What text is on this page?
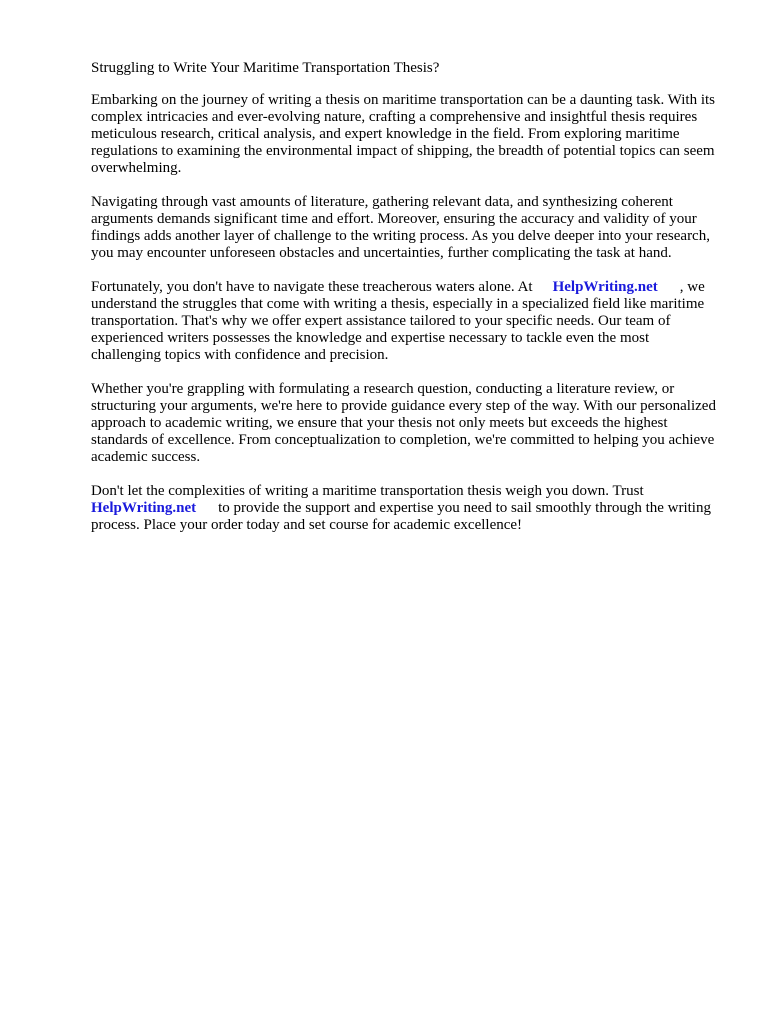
Struggling to Write Your Maritime Transportation Thesis?

Embarking on the journey of writing a thesis on maritime transportation can be a daunting task. With its complex intricacies and ever-evolving nature, crafting a comprehensive and insightful thesis requires meticulous research, critical analysis, and expert knowledge in the field. From exploring maritime regulations to examining the environmental impact of shipping, the breadth of potential topics can seem overwhelming.

Navigating through vast amounts of literature, gathering relevant data, and synthesizing coherent arguments demands significant time and effort. Moreover, ensuring the accuracy and validity of your findings adds another layer of challenge to the writing process. As you delve deeper into your research, you may encounter unforeseen obstacles and uncertainties, further complicating the task at hand.

Fortunately, you don't have to navigate these treacherous waters alone. At HelpWriting.net , we understand the struggles that come with writing a thesis, especially in a specialized field like maritime transportation. That's why we offer expert assistance tailored to your specific needs. Our team of experienced writers possesses the knowledge and expertise necessary to tackle even the most challenging topics with confidence and precision.

Whether you're grappling with formulating a research question, conducting a literature review, or structuring your arguments, we're here to provide guidance every step of the way. With our personalized approach to academic writing, we ensure that your thesis not only meets but exceeds the highest standards of excellence. From conceptualization to completion, we're committed to helping you achieve academic success.

Don't let the complexities of writing a maritime transportation thesis weigh you down. Trust
HelpWriting.net to provide the support and expertise you need to sail smoothly through the writing process. Place your order today and set course for academic excellence!
